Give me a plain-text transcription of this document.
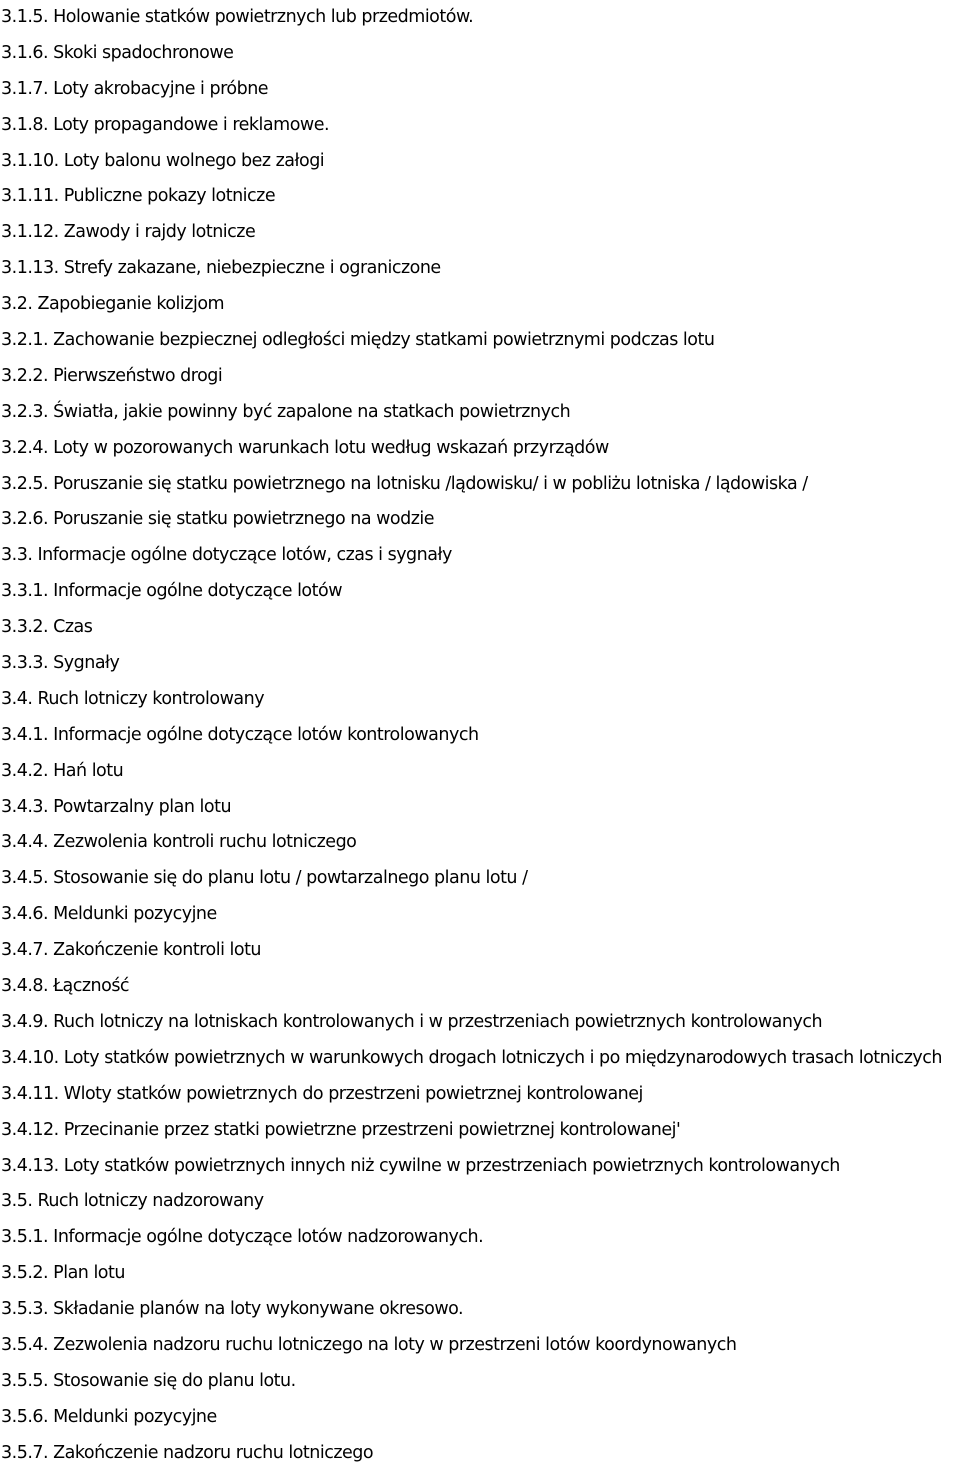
3.1.5. Holowanie statków powietrznych lub przedmiotów.
3.1.6. Skoki spadochronowe
3.1.7. Loty akrobacyjne i próbne
3.1.8. Loty propagandowe i reklamowe.
3.1.10. Loty balonu wolnego bez załogi
3.1.11. Publiczne pokazy lotnicze
3.1.12. Zawody i rajdy lotnicze
3.1.13. Strefy zakazane, niebezpieczne i ograniczone
3.2. Zapobieganie kolizjom
3.2.1. Zachowanie bezpiecznej odległości między statkami powietrznymi podczas lotu
3.2.2. Pierwszeństwo drogi
3.2.3. Światła, jakie powinny być zapalone na statkach powietrznych
3.2.4. Loty w pozorowanych warunkach lotu według wskazań przyrządów
3.2.5. Poruszanie się statku powietrznego na lotnisku /lądowisku/ i w pobliżu lotniska / lądowiska /
3.2.6. Poruszanie się statku powietrznego na wodzie
3.3. Informacje ogólne dotyczące lotów, czas i sygnały
3.3.1. Informacje ogólne dotyczące lotów
3.3.2. Czas
3.3.3. Sygnały
3.4. Ruch lotniczy kontrolowany
3.4.1. Informacje ogólne dotyczące lotów kontrolowanych
3.4.2. Hań lotu
3.4.3. Powtarzalny plan lotu
3.4.4. Zezwolenia kontroli ruchu lotniczego
3.4.5. Stosowanie się do planu lotu / powtarzalnego planu lotu /
3.4.6. Meldunki pozycyjne
3.4.7. Zakończenie kontroli lotu
3.4.8. Łączność
3.4.9. Ruch lotniczy na lotniskach kontrolowanych i w przestrzeniach powietrznych kontrolowanych
3.4.10. Loty statków powietrznych w warunkowych drogach lotniczych i po międzynarodowych trasach lotniczych
3.4.11. Wloty statków powietrznych do przestrzeni powietrznej kontrolowanej
3.4.12. Przecinanie przez statki powietrzne przestrzeni powietrznej kontrolowanej'
3.4.13. Loty statków powietrznych innych niż cywilne w przestrzeniach powietrznych kontrolowanych
3.5. Ruch lotniczy nadzorowany
3.5.1. Informacje ogólne dotyczące lotów nadzorowanych.
3.5.2. Plan lotu
3.5.3. Składanie planów na loty wykonywane okresowo.
3.5.4. Zezwolenia nadzoru ruchu lotniczego na loty w przestrzeni lotów koordynowanych
3.5.5. Stosowanie się do planu lotu.
3.5.6. Meldunki pozycyjne
3.5.7. Zakończenie nadzoru ruchu lotniczego
